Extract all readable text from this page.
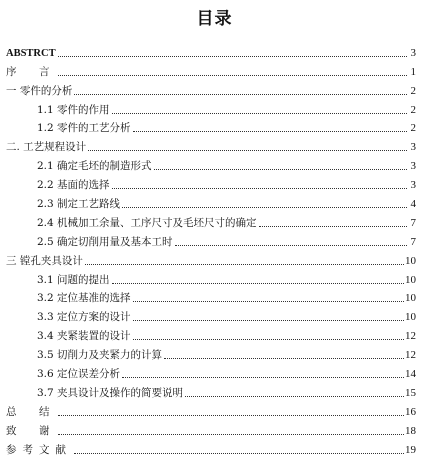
目录
ABSTRCT	3
序　言	1
一 零件的分析	2
1.1 零件的作用	2
1.2 零件的工艺分析	2
二. 工艺规程设计	3
2.1 确定毛坯的制造形式	3
2.2 基面的选择	3
2.3 制定工艺路线	4
2.4 机械加工余量、工序尺寸及毛坯尺寸的确定	7
2.5 确定切削用量及基本工时	7
三 镗孔夹具设计	10
3.1 问题的提出	10
3.2 定位基准的选择	10
3.3 定位方案的设计	10
3.4 夹紧装置的设计	12
3.5 切削力及夹紧力的计算	12
3.6 定位误差分析	14
3.7 夹具设计及操作的简要说明	15
总　结	16
致　谢	18
参考文献	19
